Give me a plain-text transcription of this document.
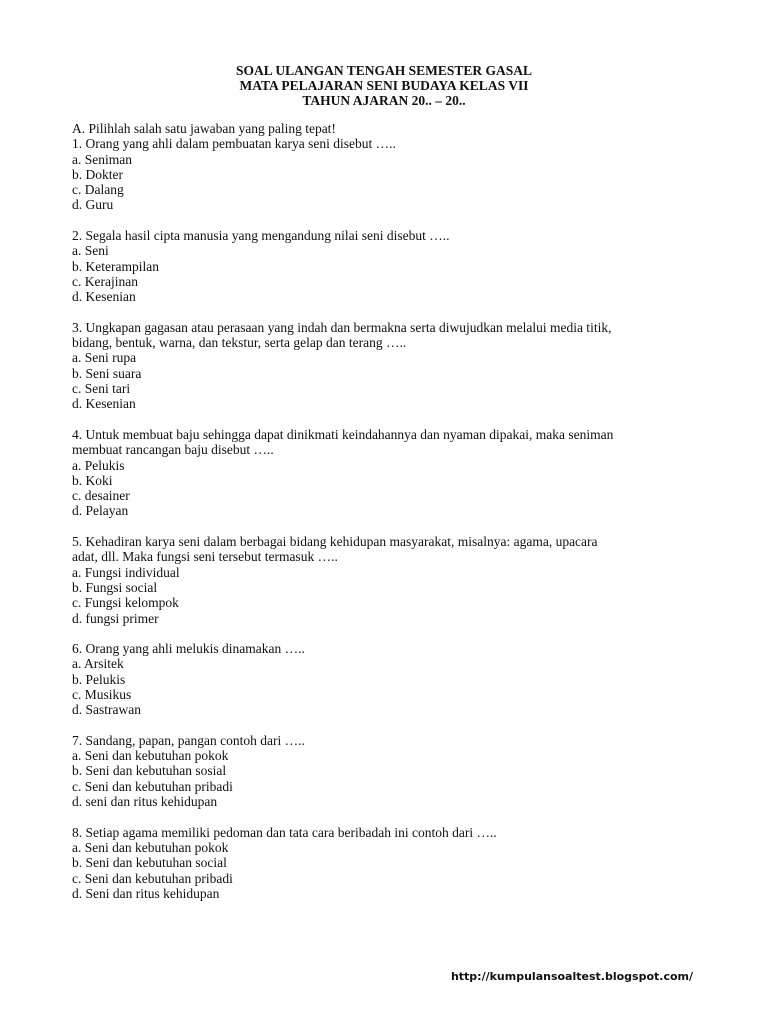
SOAL ULANGAN TENGAH SEMESTER GASAL
MATA PELAJARAN SENI BUDAYA KELAS VII
TAHUN AJARAN 20.. – 20..
A. Pilihlah salah satu jawaban yang paling tepat!
1. Orang yang ahli dalam pembuatan karya seni disebut …..
a. Seniman
b. Dokter
c. Dalang
d. Guru
2. Segala hasil cipta manusia yang mengandung nilai seni disebut …..
a. Seni
b. Keterampilan
c. Kerajinan
d. Kesenian
3. Ungkapan gagasan atau perasaan yang indah dan bermakna serta diwujudkan melalui media titik,
bidang, bentuk, warna, dan tekstur, serta gelap dan terang …..
a. Seni rupa
b. Seni suara
c. Seni tari
d. Kesenian
4. Untuk membuat baju sehingga dapat dinikmati keindahannya dan nyaman dipakai, maka seniman
membuat rancangan baju disebut …..
a. Pelukis
b. Koki
c. desainer
d. Pelayan
5. Kehadiran karya seni dalam berbagai bidang kehidupan masyarakat, misalnya: agama, upacara
adat, dll. Maka fungsi seni tersebut termasuk …..
a. Fungsi individual
b. Fungsi social
c. Fungsi kelompok
d. fungsi primer
6. Orang yang ahli melukis dinamakan …..
a. Arsitek
b. Pelukis
c. Musikus
d. Sastrawan
7. Sandang, papan, pangan contoh dari …..
a. Seni dan kebutuhan pokok
b. Seni dan kebutuhan sosial
c. Seni dan kebutuhan pribadi
d. seni dan ritus kehidupan
8. Setiap agama memiliki pedoman dan tata cara beribadah ini contoh dari …..
a. Seni dan kebutuhan pokok
b. Seni dan kebutuhan social
c. Seni dan kebutuhan pribadi
d. Seni dan ritus kehidupan
http://kumpulansoaltest.blogspot.com/
